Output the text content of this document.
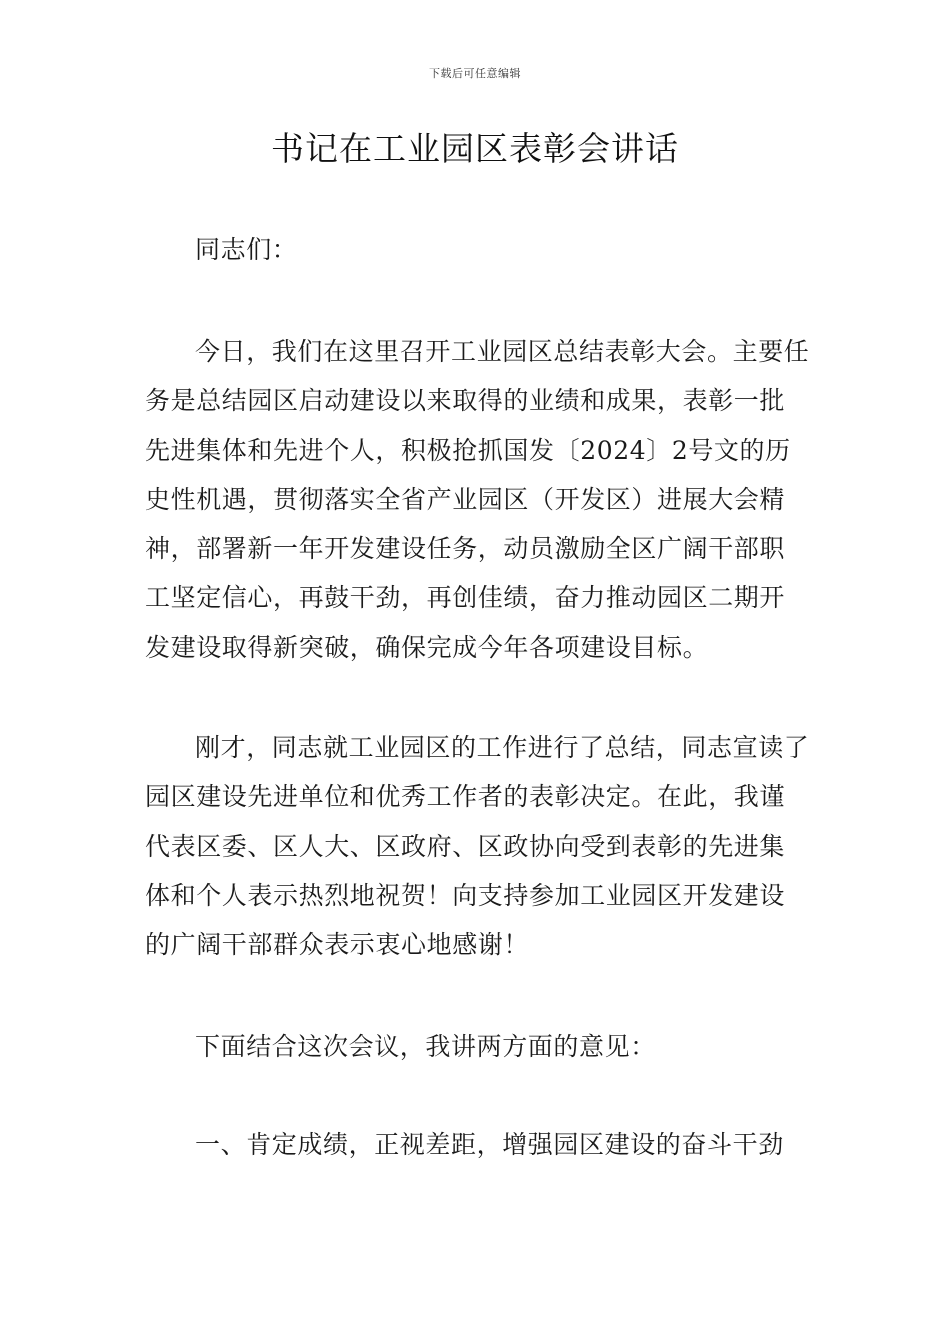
下载后可任意编辑
书记在工业园区表彰会讲话

同志们：

今日，我们在这里召开工业园区总结表彰大会。主要任务是总结园区启动建设以来取得的业绩和成果，表彰一批先进集体和先进个人，积极抢抓国发〔2024〕2号文的历史性机遇，贯彻落实全省产业园区（开发区）进展大会精神，部署新一年开发建设任务，动员激励全区广阔干部职工坚定信心，再鼓干劲，再创佳绩，奋力推动园区二期开发建设取得新突破，确保完成今年各项建设目标。

刚才，同志就工业园区的工作进行了总结，同志宣读了园区建设先进单位和优秀工作者的表彰决定。在此，我谨代表区委、区人大、区政府、区政协向受到表彰的先进集体和个人表示热烈地祝贺！向支持参加工业园区开发建设的广阔干部群众表示衷心地感谢！

下面结合这次会议，我讲两方面的意见：

一、肯定成绩，正视差距，增强园区建设的奋斗干劲
